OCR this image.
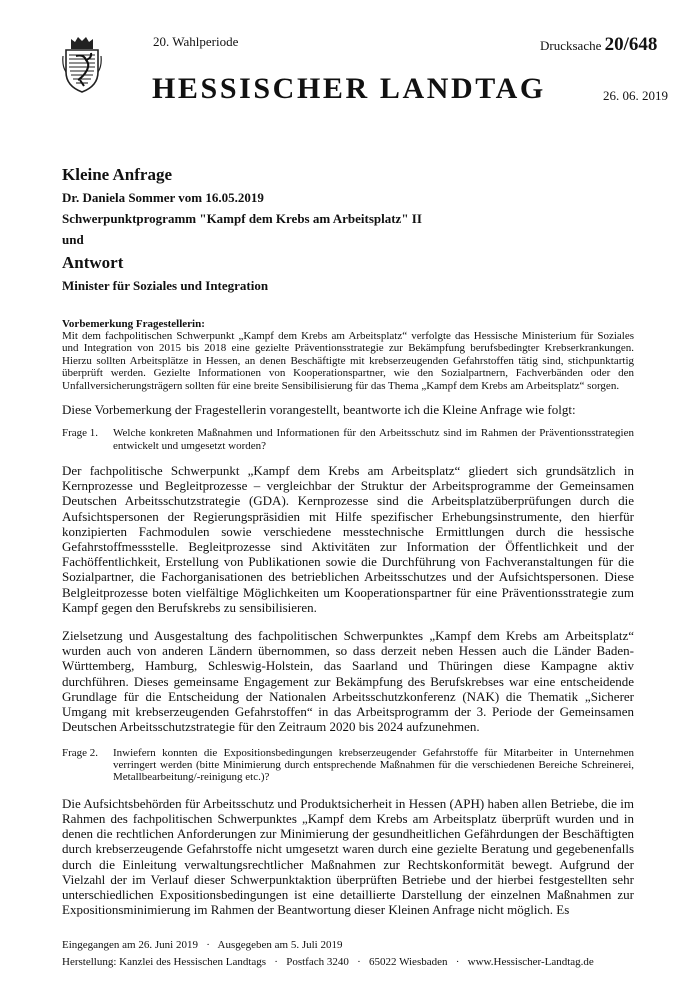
20. Wahlperiode
HESSISCHER LANDTAG
Drucksache 20/648
26. 06. 2019
Kleine Anfrage
Dr. Daniela Sommer vom 16.05.2019
Schwerpunktprogramm "Kampf dem Krebs am Arbeitsplatz" II
und
Antwort
Minister für Soziales und Integration

Vorbemerkung Fragestellerin:

Mit dem fachpolitischen Schwerpunkt „Kampf dem Krebs am Arbeitsplatz“ verfolgte das Hessische Ministerium für Soziales und Integration von 2015 bis 2018 eine gezielte Präventionsstrategie zur Bekämpfung berufsbedingter Krebserkrankungen. Hierzu sollten Arbeitsplätze in Hessen, an denen Beschäftigte mit krebserzeugenden Gefahrstoffen tätig sind, stichpunktartig überprüft werden. Gezielte Informationen von Kooperationspartner, wie den Sozialpartnern, Fachverbänden oder den Unfallversicherungsträgern sollten für eine breite Sensibilisierung für das Thema „Kampf dem Krebs am Arbeitsplatz“ sorgen.

Diese Vorbemerkung der Fragestellerin vorangestellt, beantworte ich die Kleine Anfrage wie folgt:

Frage 1.	Welche konkreten Maßnahmen und Informationen für den Arbeitsschutz sind im Rahmen der Präventionsstrategien entwickelt und umgesetzt worden?

Der fachpolitische Schwerpunkt „Kampf dem Krebs am Arbeitsplatz“ gliedert sich grundsätzlich in Kernprozesse und Begleitprozesse – vergleichbar der Struktur der Arbeitsprogramme der Gemeinsamen Deutschen Arbeitsschutzstrategie (GDA). Kernprozesse sind die Arbeitsplatzüberprüfungen durch die Aufsichtspersonen der Regierungspräsidien mit Hilfe spezifischer Erhebungsinstrumente, den hierfür konzipierten Fachmodulen sowie verschiedene messtechnische Ermittlungen durch die hessische Gefahrstoffmessstelle. Begleitprozesse sind Aktivitäten zur Information der Öffentlichkeit und der Fachöffentlichkeit, Erstellung von Publikationen sowie die Durchführung von Fachveranstaltungen für die Sozialpartner, die Fachorganisationen des betrieblichen Arbeitsschutzes und der Aufsichtspersonen. Diese Belgleitprozesse boten vielfältige Möglichkeiten um Kooperationspartner für eine Präventionsstrategie zum Kampf gegen den Berufskrebs zu sensibilisieren.

Zielsetzung und Ausgestaltung des fachpolitischen Schwerpunktes „Kampf dem Krebs am Arbeitsplatz“ wurden auch von anderen Ländern übernommen, so dass derzeit neben Hessen auch die Länder Baden-Württemberg, Hamburg, Schleswig-Holstein, das Saarland und Thüringen diese Kampagne aktiv durchführen. Dieses gemeinsame Engagement zur Bekämpfung des Berufskrebses war eine entscheidende Grundlage für die Entscheidung der Nationalen Arbeitsschutzkonferenz (NAK) die Thematik „Sicherer Umgang mit krebserzeugenden Gefahrstoffen“ in das Arbeitsprogramm der 3. Periode der Gemeinsamen Deutschen Arbeitsschutzstrategie für den Zeitraum 2020 bis 2024 aufzunehmen.

Frage 2.	Inwiefern konnten die Expositionsbedingungen krebserzeugender Gefahrstoffe für Mitarbeiter in Unternehmen verringert werden (bitte Minimierung durch entsprechende Maßnahmen für die verschiedenen Bereiche Schreinerei, Metallbearbeitung/-reinigung etc.)?

Die Aufsichtsbehörden für Arbeitsschutz und Produktsicherheit in Hessen (APH) haben allen Betriebe, die im Rahmen des fachpolitischen Schwerpunktes „Kampf dem Krebs am Arbeitsplatz überprüft wurden und in denen die rechtlichen Anforderungen zur Minimierung der gesundheitlichen Gefährdungen der Beschäftigten durch krebserzeugende Gefahrstoffe nicht umgesetzt waren durch eine gezielte Beratung und gegebenenfalls durch die Einleitung verwaltungsrechtlicher Maßnahmen zur Rechtskonformität bewegt. Aufgrund der Vielzahl der im Verlauf dieser Schwerpunktaktion überprüften Betriebe und der hierbei festgestellten sehr unterschiedlichen Expositionsbedingungen ist eine detaillierte Darstellung der einzelnen Maßnahmen zur Expositionsminimierung im Rahmen der Beantwortung dieser Kleinen Anfrage nicht möglich. Es

Eingegangen am 26. Juni 2019   ·   Ausgegeben am 5. Juli 2019
Herstellung: Kanzlei des Hessischen Landtags   ·   Postfach 3240   ·   65022 Wiesbaden   ·   www.Hessischer-Landtag.de
